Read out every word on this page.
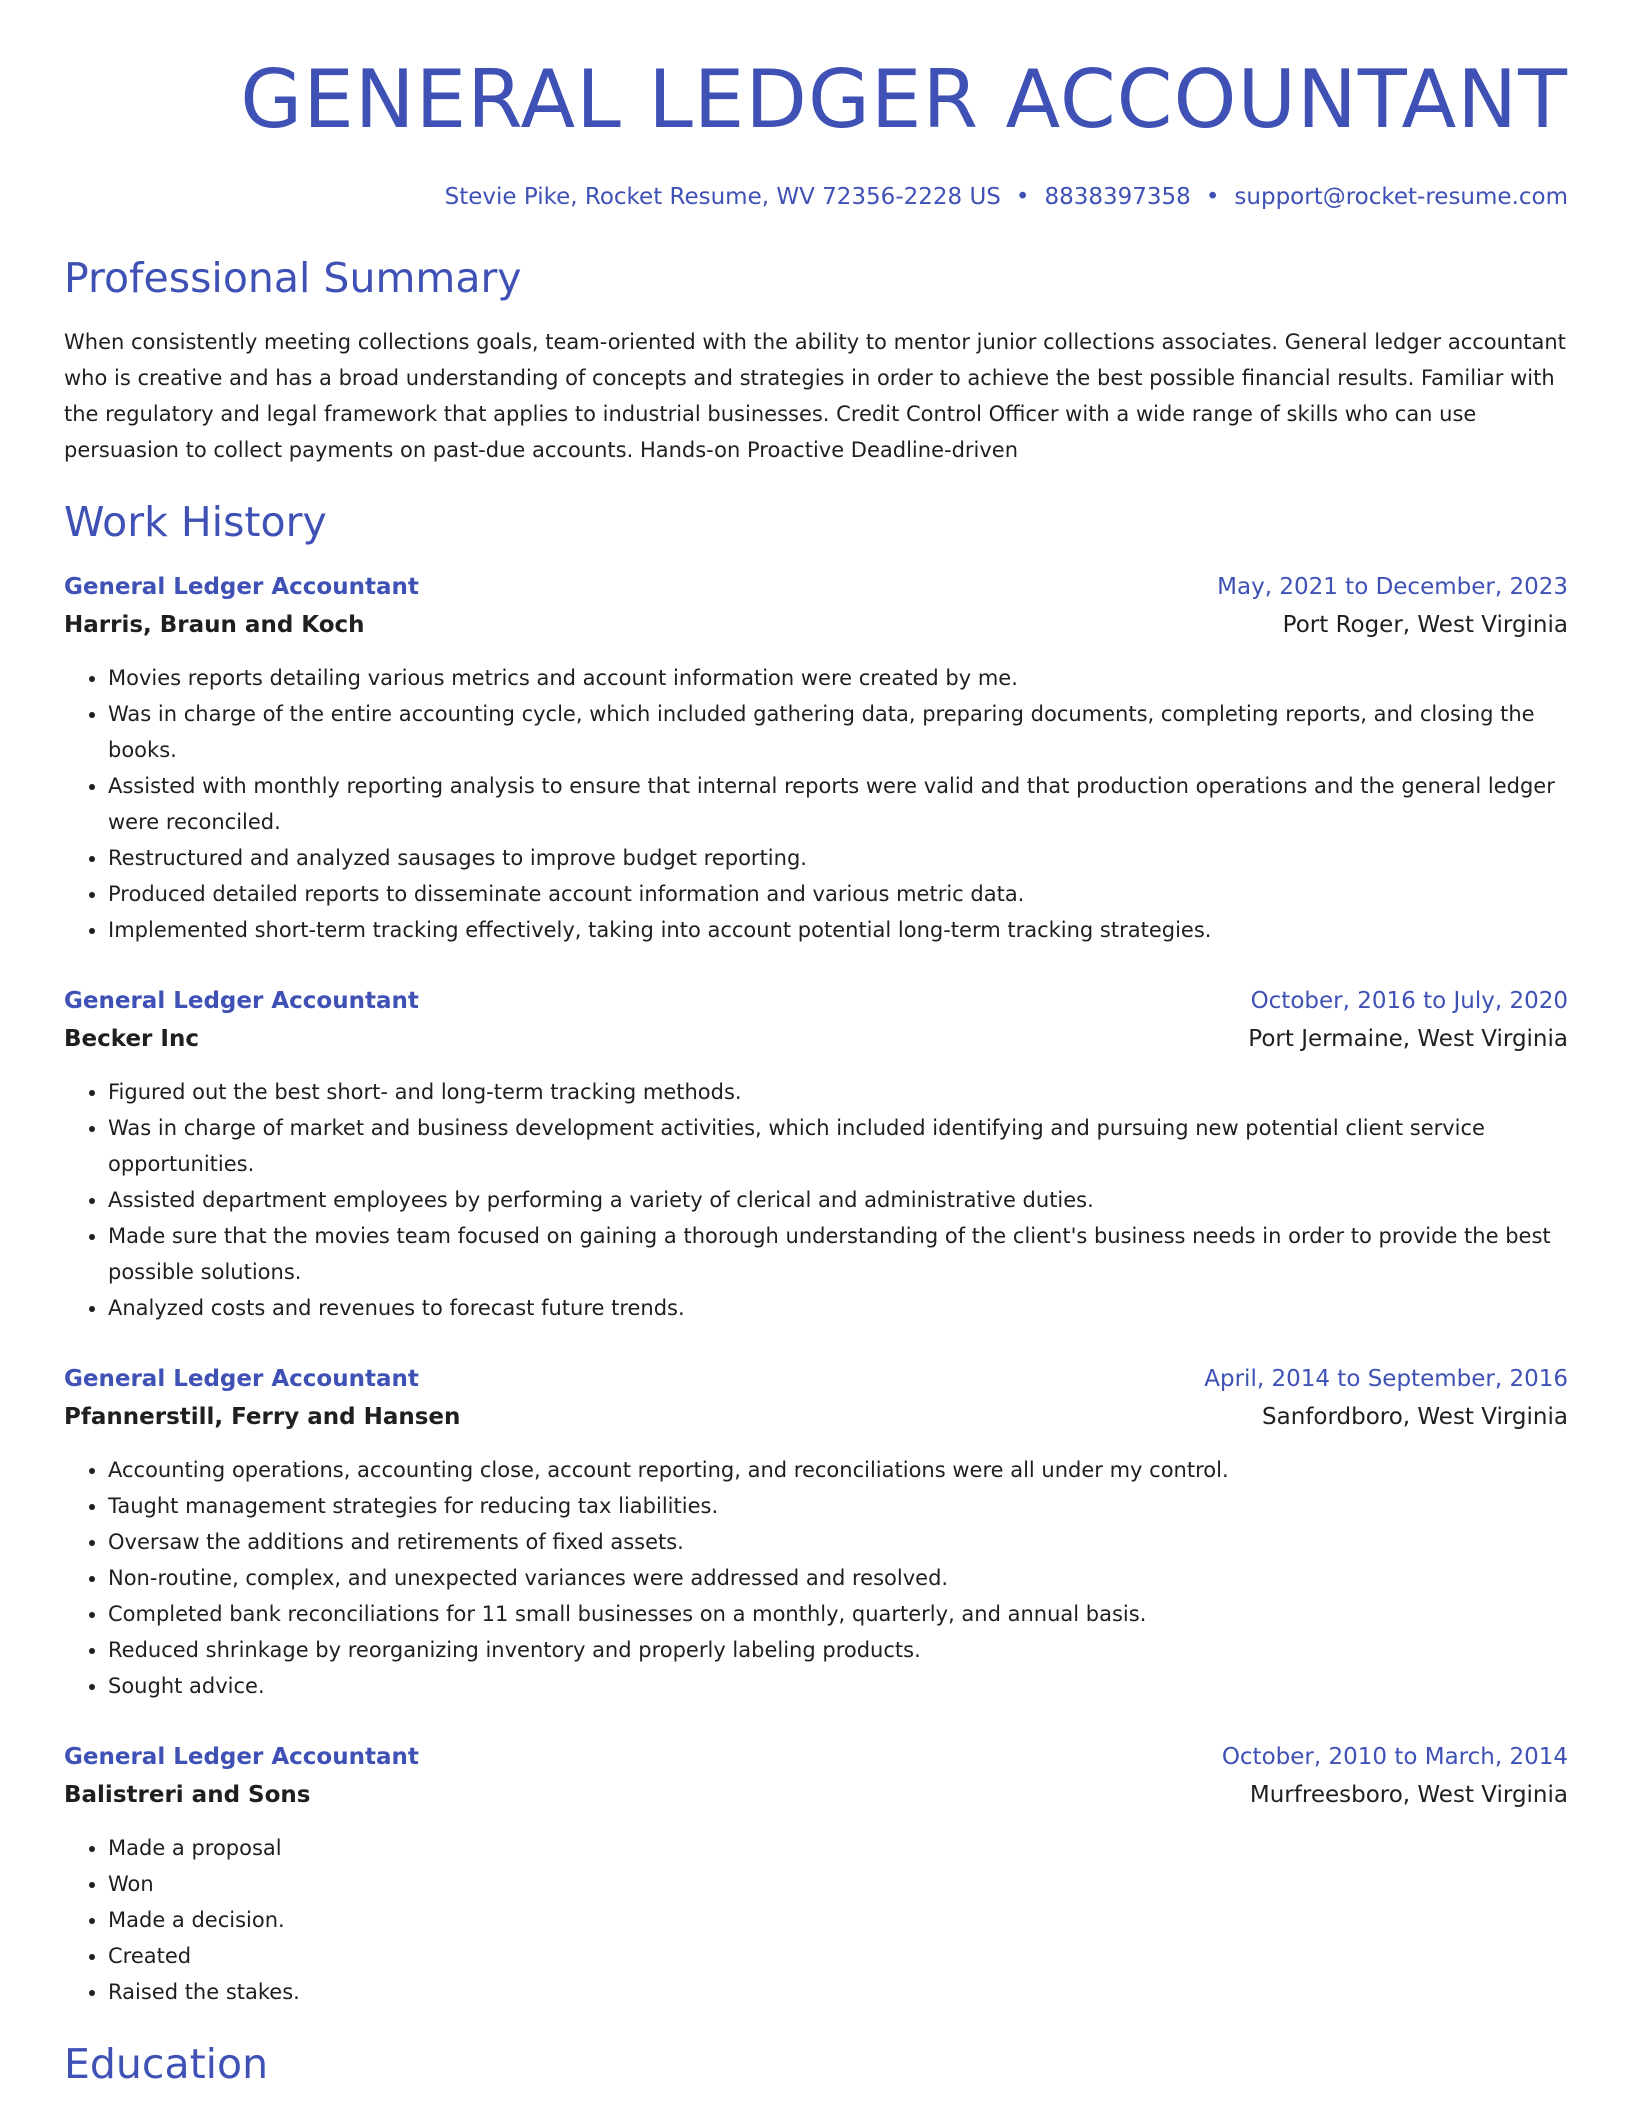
GENERAL LEDGER ACCOUNTANT
Stevie Pike, Rocket Resume, WV 72356-2228 US • 8838397358 • support@rocket-resume.com
Professional Summary

When consistently meeting collections goals, team-oriented with the ability to mentor junior collections associates. General ledger accountant who is creative and has a broad understanding of concepts and strategies in order to achieve the best possible financial results. Familiar with the regulatory and legal framework that applies to industrial businesses. Credit Control Officer with a wide range of skills who can use persuasion to collect payments on past-due accounts. Hands-on Proactive Deadline-driven

Work History
General Ledger Accountant	May, 2021 to December, 2023
Harris, Braun and Koch	Port Roger, West Virginia
• Movies reports detailing various metrics and account information were created by me.
• Was in charge of the entire accounting cycle, which included gathering data, preparing documents, completing reports, and closing the books.
• Assisted with monthly reporting analysis to ensure that internal reports were valid and that production operations and the general ledger were reconciled.
• Restructured and analyzed sausages to improve budget reporting.
• Produced detailed reports to disseminate account information and various metric data.
• Implemented short-term tracking effectively, taking into account potential long-term tracking strategies.
General Ledger Accountant	October, 2016 to July, 2020
Becker Inc	Port Jermaine, West Virginia
• Figured out the best short- and long-term tracking methods.
• Was in charge of market and business development activities, which included identifying and pursuing new potential client service opportunities.
• Assisted department employees by performing a variety of clerical and administrative duties.
• Made sure that the movies team focused on gaining a thorough understanding of the client's business needs in order to provide the best possible solutions.
• Analyzed costs and revenues to forecast future trends.
General Ledger Accountant	April, 2014 to September, 2016
Pfannerstill, Ferry and Hansen	Sanfordboro, West Virginia
• Accounting operations, accounting close, account reporting, and reconciliations were all under my control.
• Taught management strategies for reducing tax liabilities.
• Oversaw the additions and retirements of fixed assets.
• Non-routine, complex, and unexpected variances were addressed and resolved.
• Completed bank reconciliations for 11 small businesses on a monthly, quarterly, and annual basis.
• Reduced shrinkage by reorganizing inventory and properly labeling products.
• Sought advice.
General Ledger Accountant	October, 2010 to March, 2014
Balistreri and Sons	Murfreesboro, West Virginia
• Made a proposal
• Won
• Made a decision.
• Created
• Raised the stakes.
Education
